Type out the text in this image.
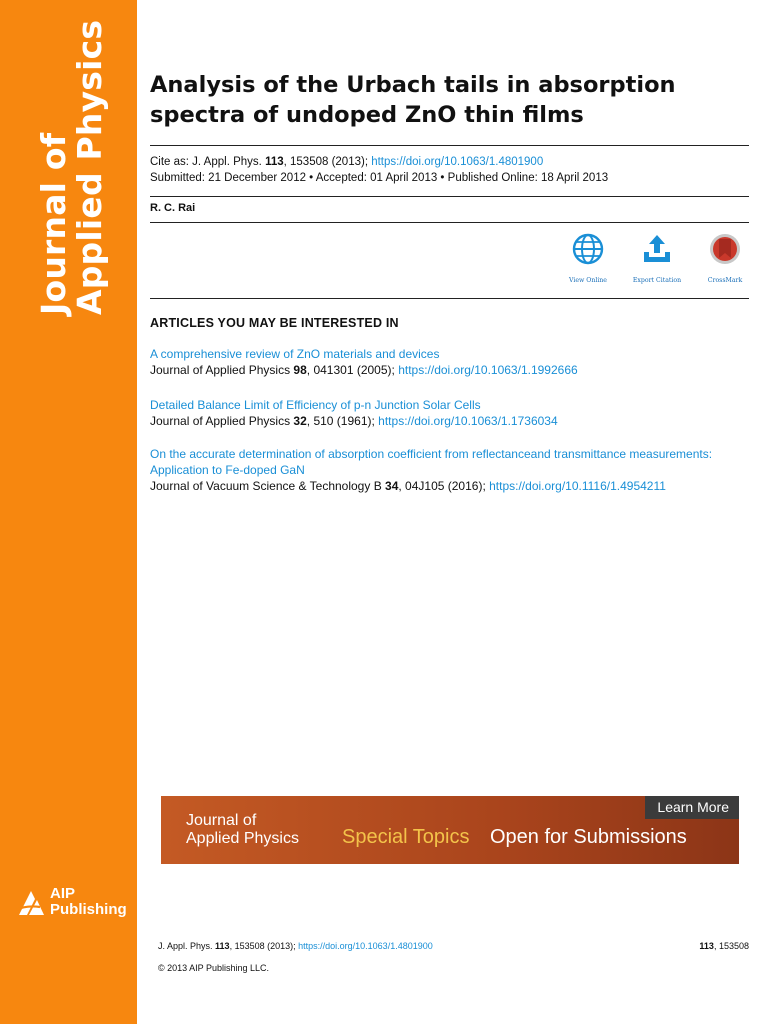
Journal of
Applied Physics
AIP
Publishing
Analysis of the Urbach tails in absorption spectra of undoped ZnO thin films
Cite as: J. Appl. Phys. 113, 153508 (2013); https://doi.org/10.1063/1.4801900
Submitted: 21 December 2012 • Accepted: 01 April 2013 • Published Online: 18 April 2013
R. C. Rai
View Online	Export Citation	CrossMark
ARTICLES YOU MAY BE INTERESTED IN
A comprehensive review of ZnO materials and devices
Journal of Applied Physics 98, 041301 (2005); https://doi.org/10.1063/1.1992666
Detailed Balance Limit of Efficiency of p-n Junction Solar Cells
Journal of Applied Physics 32, 510 (1961); https://doi.org/10.1063/1.1736034
On the accurate determination of absorption coefficient from reflectanceand transmittance measurements: Application to Fe-doped GaN
Journal of Vacuum Science & Technology B 34, 04J105 (2016); https://doi.org/10.1116/1.4954211
Journal of
Applied Physics Special Topics Open for Submissions
Learn More
J. Appl. Phys. 113, 153508 (2013); https://doi.org/10.1063/1.4801900	113, 153508
© 2013 AIP Publishing LLC.
